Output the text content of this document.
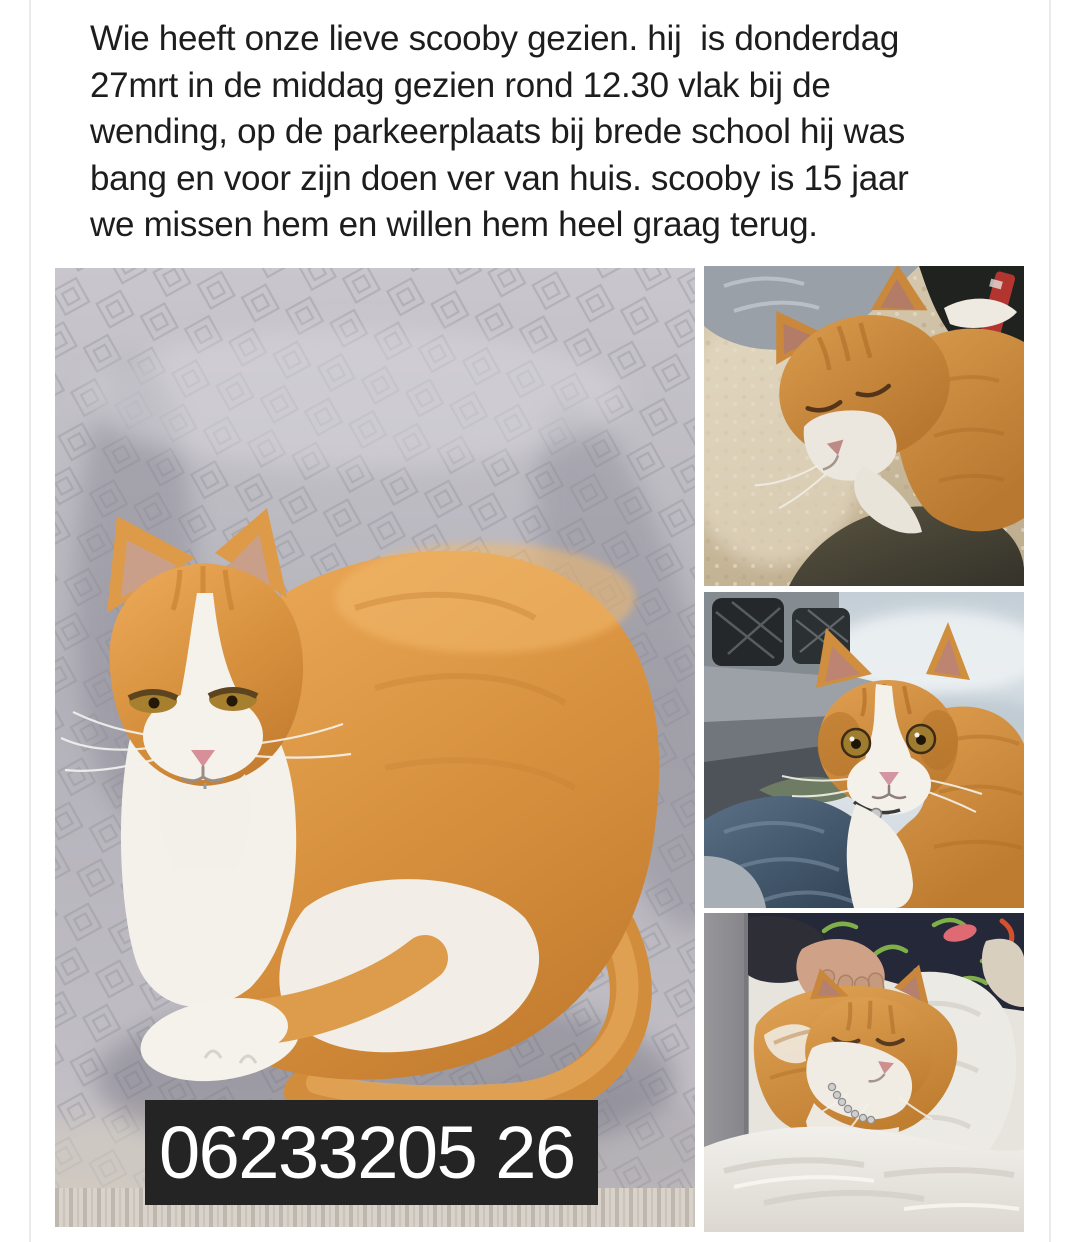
Wie heeft onze lieve scooby gezien. hij  is donderdag
27mrt in de middag gezien rond 12.30 vlak bij de
wending, op de parkeerplaats bij brede school hij was
bang en voor zijn doen ver van huis. scooby is 15 jaar
we missen hem en willen hem heel graag terug.
06233205 26
